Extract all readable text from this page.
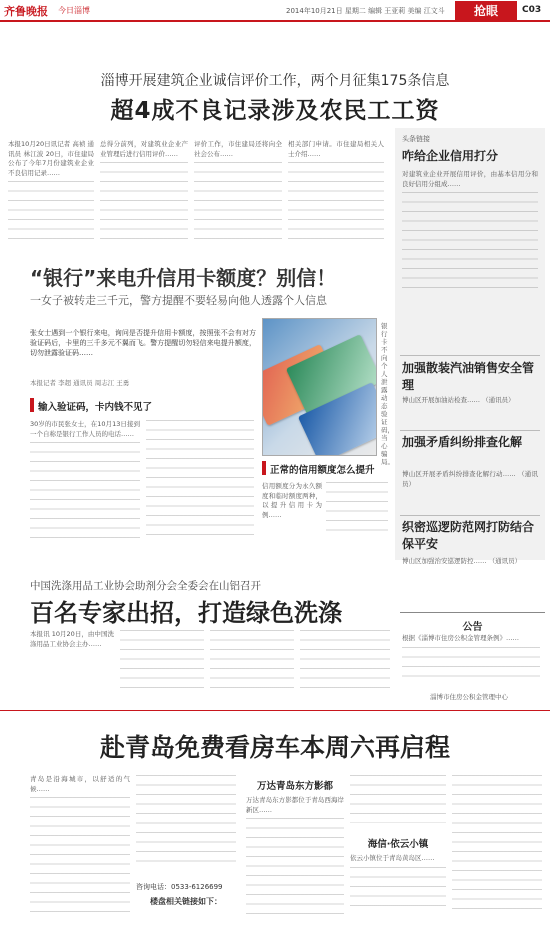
齐鲁晚报 今日淄博	2014年10月21日 星期二 编辑 王亚莉 美编 江文斗	抢眼	C03
淄博开展建筑企业诚信评价工作，两个月征集175条信息
超4成不良记录涉及农民工工资
本报10月20日讯记者 高祯 通讯员 林江波 20日，市住建局公布了今年7月份建筑业企业不良信用记录……
总得分前列，对建筑业企业产业管理后进行信用评价……
评价工作，市住建局还将向全社会公布……
相关部门申请。市住建局相关人士介绍……
头条链接
咋给企业信用打分
对建筑业企业开展信用评价，由基本信用分和良好信用分组成……
加强散装汽油销售安全管理
博山区开展加油站检查…… （通讯员）
加强矛盾纠纷排查化解
博山区开展矛盾纠纷排查化解行动…… （通讯员）
织密巡逻防范网打防结合保平安
博山区加强治安巡逻防控…… （通讯员）
公告
根据《淄博市住房公积金管理条例》……
淄博市住房公积金管理中心
“银行”来电升信用卡额度？别信！
一女子被转走三千元，警方提醒不要轻易向他人透露个人信息
张女士遇到一个银行来电，询问是否提升信用卡额度，按照张不会有对方验证码后，卡里的三千多元不翼而飞。警方提醒切勿轻信来电提升额度，切勿泄露验证码……
本报记者 李超 通讯员 周志江 王勇
输入验证码，卡内钱不见了
30岁的市民张女士，在10月13日接到一个自称是银行工作人员的电话……
银行卡不向个人泄露动态验证码，当心骗局。
正常的信用额度怎么提升
信用额度分为永久额度和临时额度两种，以提升信用卡为例……
中国洗涤用品工业协会助剂分会全委会在山铝召开
百名专家出招，打造绿色洗涤
本报讯 10月20日，由中国洗涤用品工业协会主办……
赴青岛免费看房车本周六再启程
青岛是沿海城市，以舒适的气候……
咨询电话：0533-6126699
楼盘相关链接如下：
万达青岛东方影都
万达青岛东方影都位于青岛西海岸新区……
海信·依云小镇
依云小镇位于青岛黄岛区……
